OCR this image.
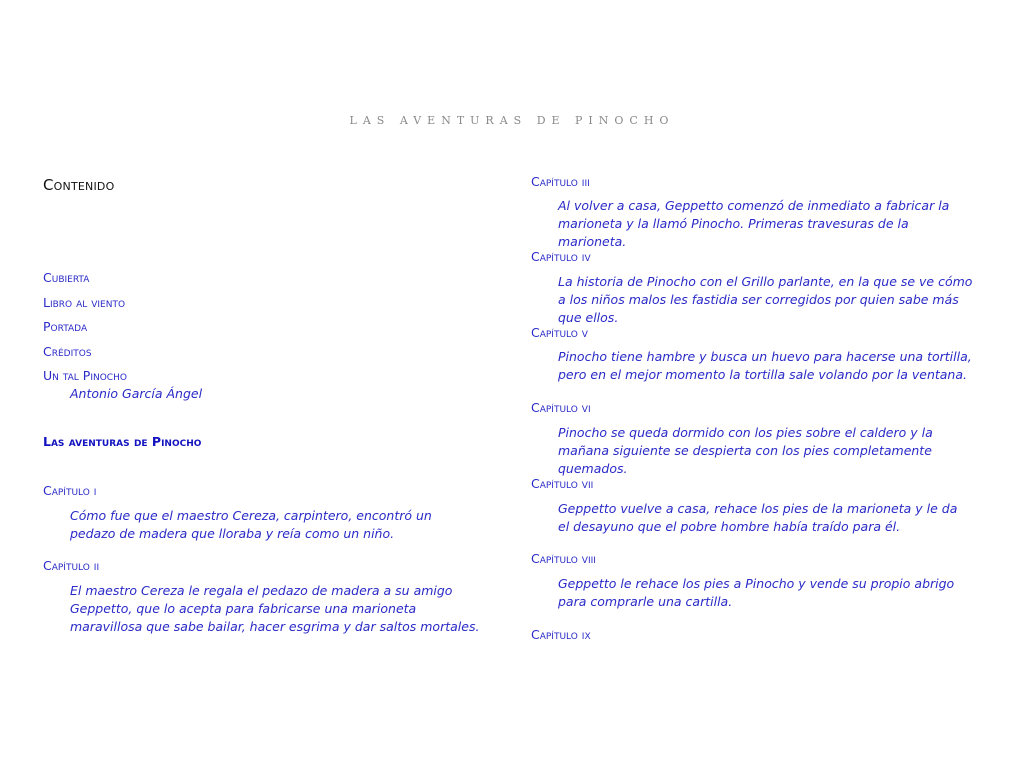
LAS AVENTURAS DE PINOCHO
Contenido
Cubierta
Libro al viento
Portada
Créditos
Un tal Pinocho
Antonio García Ángel
Las aventuras de Pinocho
Capítulo i
Cómo fue que el maestro Cereza, carpintero, encontró un pedazo de madera que lloraba y reía como un niño.
Capítulo ii
El maestro Cereza le regala el pedazo de madera a su amigo Geppetto, que lo acepta para fabricarse una marioneta maravillosa que sabe bailar, hacer esgrima y dar saltos mortales.
Capítulo iii
Al volver a casa, Geppetto comenzó de inmediato a fabricar la marioneta y la llamó Pinocho. Primeras travesuras de la marioneta.
Capítulo iv
La historia de Pinocho con el Grillo parlante, en la que se ve cómo a los niños malos les fastidia ser corregidos por quien sabe más que ellos.
Capítulo v
Pinocho tiene hambre y busca un huevo para hacerse una tortilla, pero en el mejor momento la tortilla sale volando por la ventana.
Capítulo vi
Pinocho se queda dormido con los pies sobre el caldero y la mañana siguiente se despierta con los pies completamente quemados.
Capítulo vii
Geppetto vuelve a casa, rehace los pies de la marioneta y le da el desayuno que el pobre hombre había traído para él.
Capítulo viii
Geppetto le rehace los pies a Pinocho y vende su propio abrigo para comprarle una cartilla.
Capítulo ix
